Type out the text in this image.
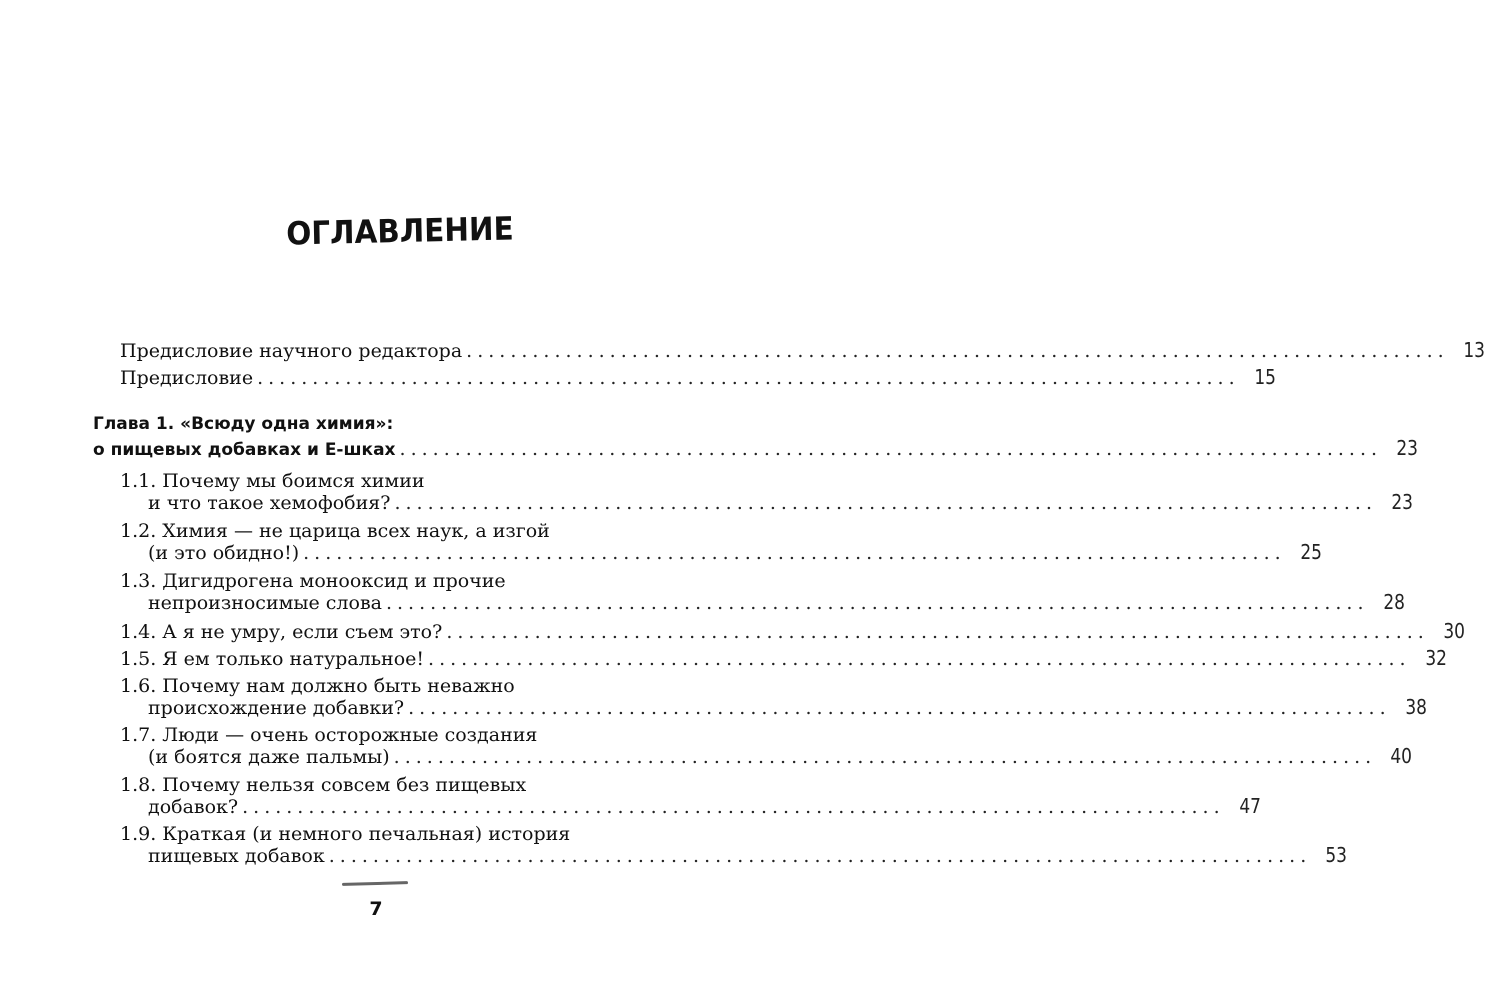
ОГЛАВЛЕНИЕ
Предисловие научного редактора ......................................................................................... 13
Предисловие ......................................................................................... 15
Глава 1. «Всюду одна химия»:
о пищевых добавках и Е-шках ......................................................................................... 23
1.1. Почему мы боимся химии
и что такое хемофобия? ......................................................................................... 23
1.2. Химия — не царица всех наук, а изгой
(и это обидно!) ......................................................................................... 25
1.3. Дигидрогена монооксид и прочие
непроизносимые слова ......................................................................................... 28
1.4. А я не умру, если съем это? ......................................................................................... 30
1.5. Я ем только натуральное! ......................................................................................... 32
1.6. Почему нам должно быть неважно
происхождение добавки? ......................................................................................... 38
1.7. Люди — очень осторожные создания
(и боятся даже пальмы) ......................................................................................... 40
1.8. Почему нельзя совсем без пищевых
добавок? ......................................................................................... 47
1.9. Краткая (и немного печальная) история
пищевых добавок ......................................................................................... 53
7
